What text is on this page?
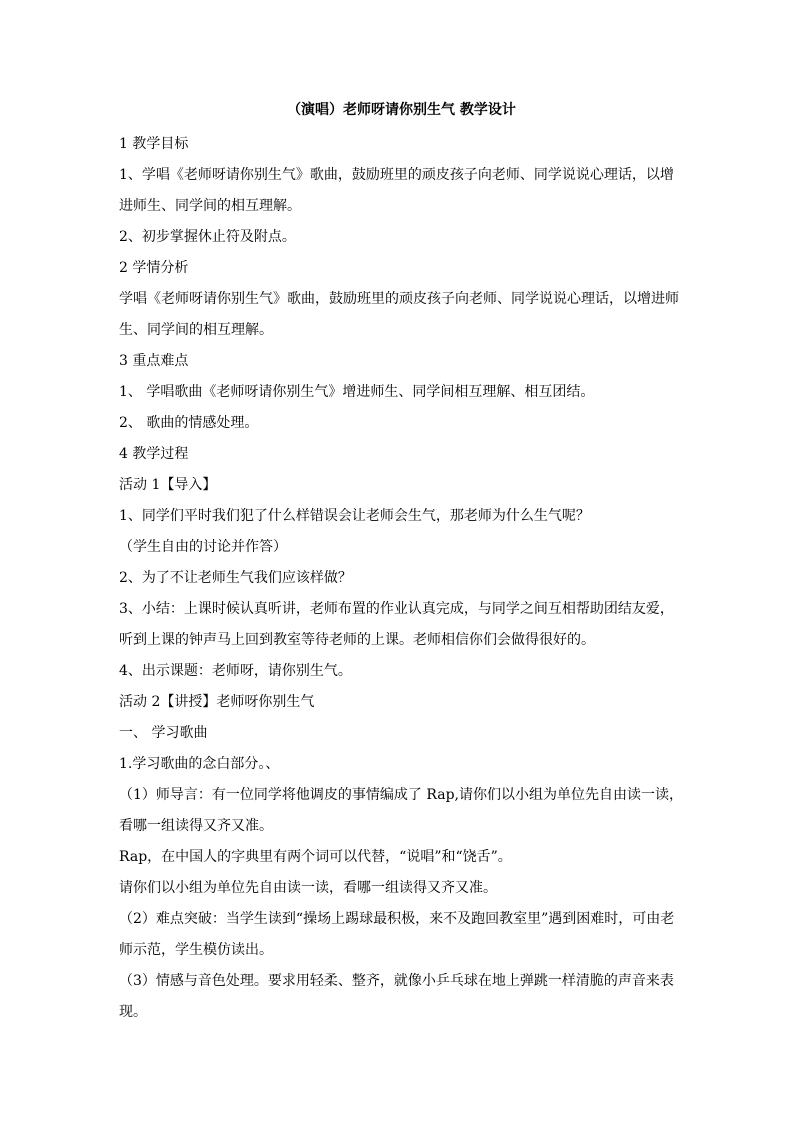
（演唱）老师呀请你别生气 教学设计

1 教学目标

1、学唱《老师呀请你别生气》歌曲，鼓励班里的顽皮孩子向老师、同学说说心理话，以增进师生、同学间的相互理解。

2、初步掌握休止符及附点。

2 学情分析

学唱《老师呀请你别生气》歌曲，鼓励班里的顽皮孩子向老师、同学说说心理话，以增进师生、同学间的相互理解。

3 重点难点

1、 学唱歌曲《老师呀请你别生气》增进师生、同学间相互理解、相互团结。

2、 歌曲的情感处理。

4 教学过程

活动 1【导入】

1、同学们平时我们犯了什么样错误会让老师会生气，那老师为什么生气呢？

（学生自由的讨论并作答）

2、为了不让老师生气我们应该样做？

3、小结：上课时候认真听讲，老师布置的作业认真完成，与同学之间互相帮助团结友爱，听到上课的钟声马上回到教室等待老师的上课。老师相信你们会做得很好的。

4、出示课题：老师呀，请你别生气。

活动 2【讲授】老师呀你别生气

一、 学习歌曲

1.学习歌曲的念白部分。、

（1）师导言：有一位同学将他调皮的事情编成了 Rap,请你们以小组为单位先自由读一读，看哪一组读得又齐又准。

Rap，在中国人的字典里有两个词可以代替，“说唱”和“饶舌”。

请你们以小组为单位先自由读一读，看哪一组读得又齐又准。

（2）难点突破：当学生读到“操场上踢球最积极，来不及跑回教室里”遇到困难时，可由老师示范，学生模仿读出。

（3）情感与音色处理。要求用轻柔、整齐，就像小乒乓球在地上弹跳一样清脆的声音来表现。
